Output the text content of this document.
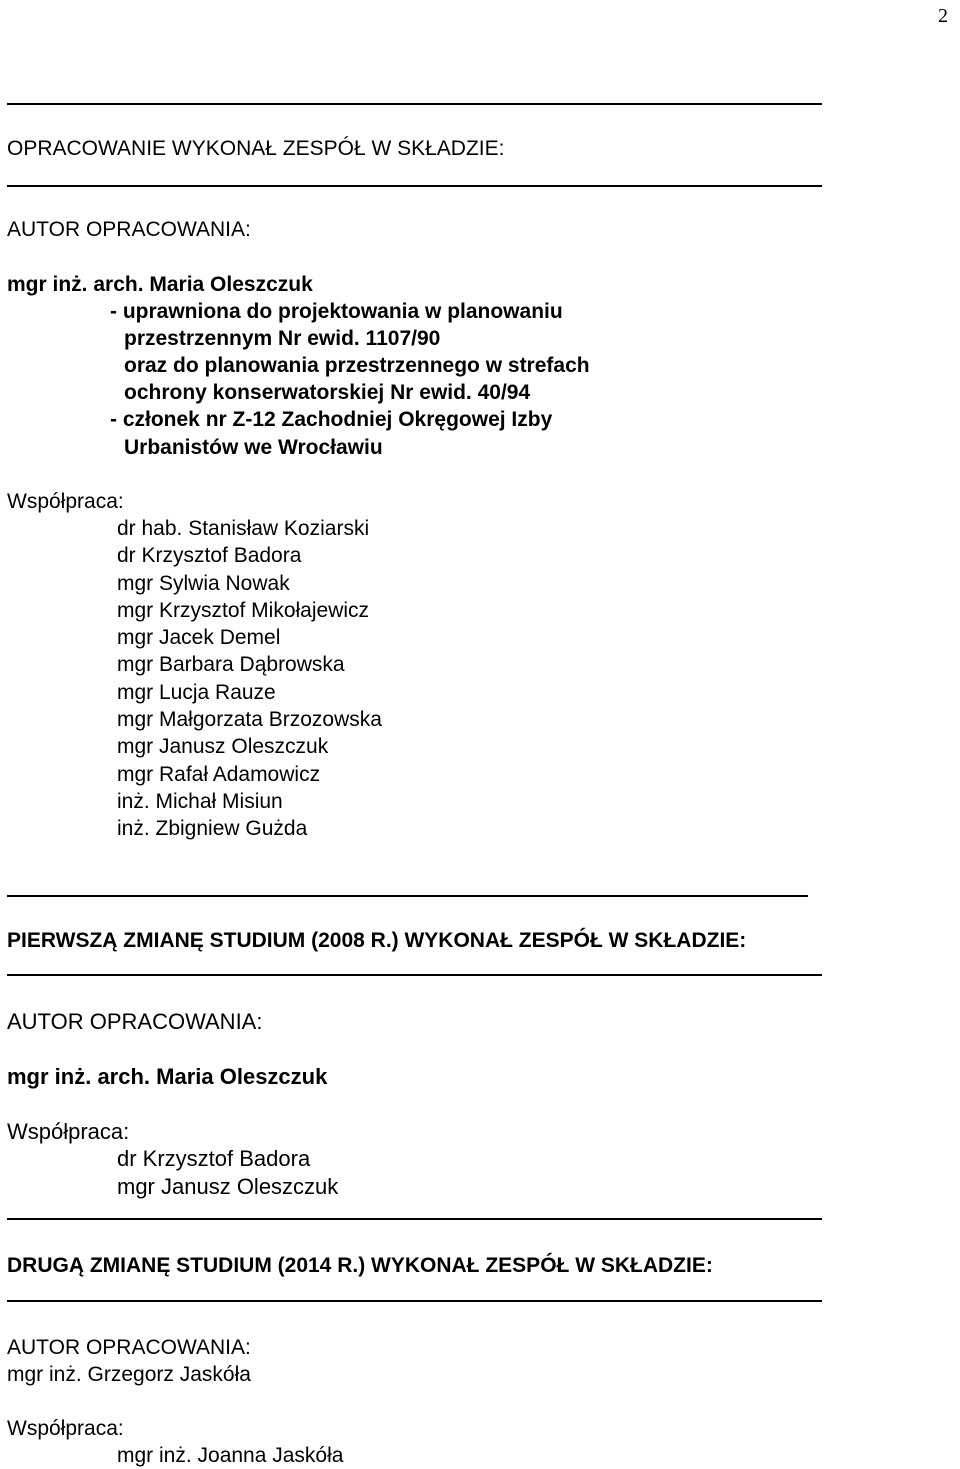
2
OPRACOWANIE WYKONAŁ ZESPÓŁ W SKŁADZIE:
AUTOR OPRACOWANIA:
mgr inż. arch. Maria Oleszczuk
- uprawniona do projektowania w planowaniu
przestrzennym Nr ewid. 1107/90
oraz do planowania przestrzennego w strefach
ochrony konserwatorskiej Nr ewid. 40/94
- członek nr Z-12 Zachodniej Okręgowej Izby
Urbanistów we Wrocławiu
Współpraca:
dr hab. Stanisław Koziarski
dr Krzysztof Badora
mgr Sylwia Nowak
mgr Krzysztof Mikołajewicz
mgr Jacek Demel
mgr Barbara Dąbrowska
mgr Lucja Rauze
mgr Małgorzata Brzozowska
mgr Janusz Oleszczuk
mgr Rafał Adamowicz
inż. Michał Misiun
inż. Zbigniew Gużda
PIERWSZĄ ZMIANĘ STUDIUM (2008 R.) WYKONAŁ ZESPÓŁ W SKŁADZIE:
AUTOR OPRACOWANIA:
mgr inż. arch. Maria Oleszczuk
Współpraca:
dr Krzysztof Badora
mgr Janusz Oleszczuk
DRUGĄ ZMIANĘ STUDIUM (2014 R.) WYKONAŁ ZESPÓŁ W SKŁADZIE:
AUTOR OPRACOWANIA:
mgr inż. Grzegorz Jaskóła
Współpraca:
mgr inż. Joanna Jaskóła
